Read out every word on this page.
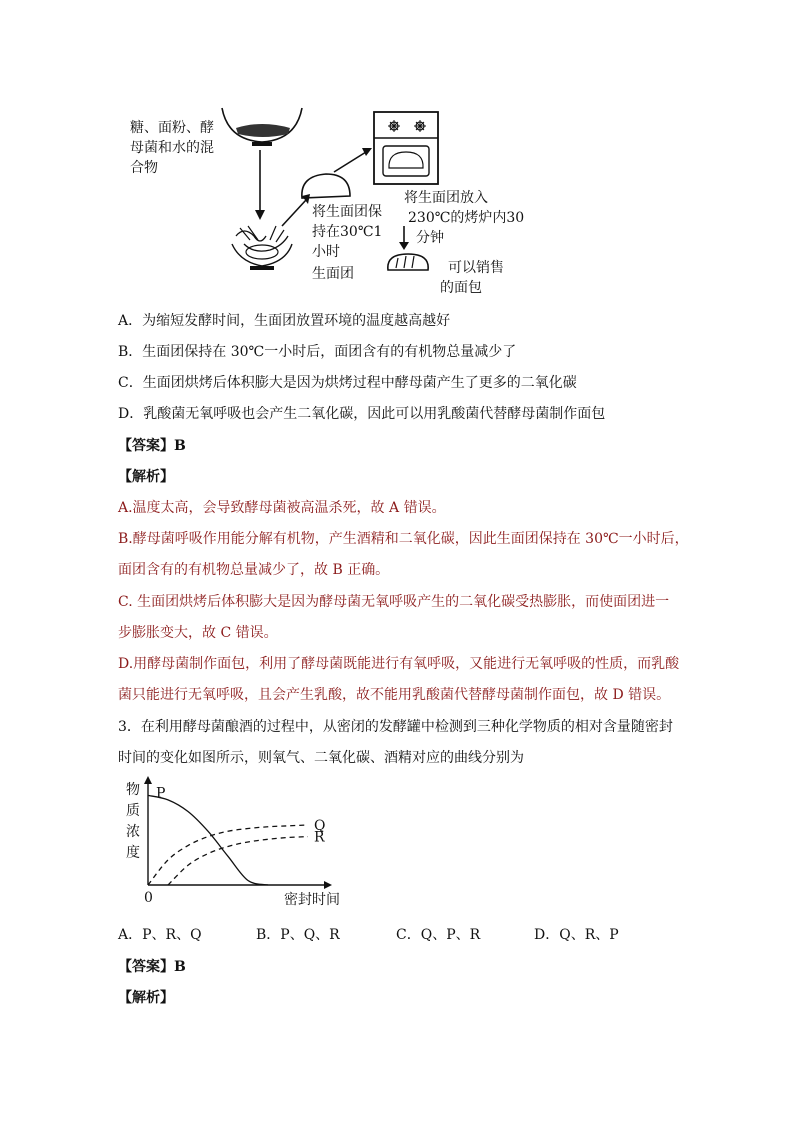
糖、面粉、酵
母菌和水的混
合物
将生面团保
持在30℃1
小时
生面团
将生面团放入
230℃的烤炉内30
分钟
可以销售
的面包
A．为缩短发酵时间，生面团放置环境的温度越高越好
B．生面团保持在 30℃一小时后，面团含有的有机物总量减少了
C．生面团烘烤后体积膨大是因为烘烤过程中酵母菌产生了更多的二氧化碳
D．乳酸菌无氧呼吸也会产生二氧化碳，因此可以用乳酸菌代替酵母菌制作面包
【答案】B
【解析】
A.温度太高，会导致酵母菌被高温杀死，故 A 错误。
B.酵母菌呼吸作用能分解有机物，产生酒精和二氧化碳，因此生面团保持在 30℃一小时后，
面团含有的有机物总量减少了，故 B 正确。
C. 生面团烘烤后体积膨大是因为酵母菌无氧呼吸产生的二氧化碳受热膨胀，而使面团进一
步膨胀变大，故 C 错误。
D.用酵母菌制作面包，利用了酵母菌既能进行有氧呼吸，又能进行无氧呼吸的性质，而乳酸
菌只能进行无氧呼吸，且会产生乳酸，故不能用乳酸菌代替酵母菌制作面包，故 D 错误。
3．在利用酵母菌酿酒的过程中，从密闭的发酵罐中检测到三种化学物质的相对含量随密封
时间的变化如图所示，则氧气、二氧化碳、酒精对应的曲线分别为
P
Q
R
物
质
浓
度
密封时间
0
A．P、R、Q	B．P、Q、R	C．Q、P、R	D．Q、R、P
【答案】B
【解析】
